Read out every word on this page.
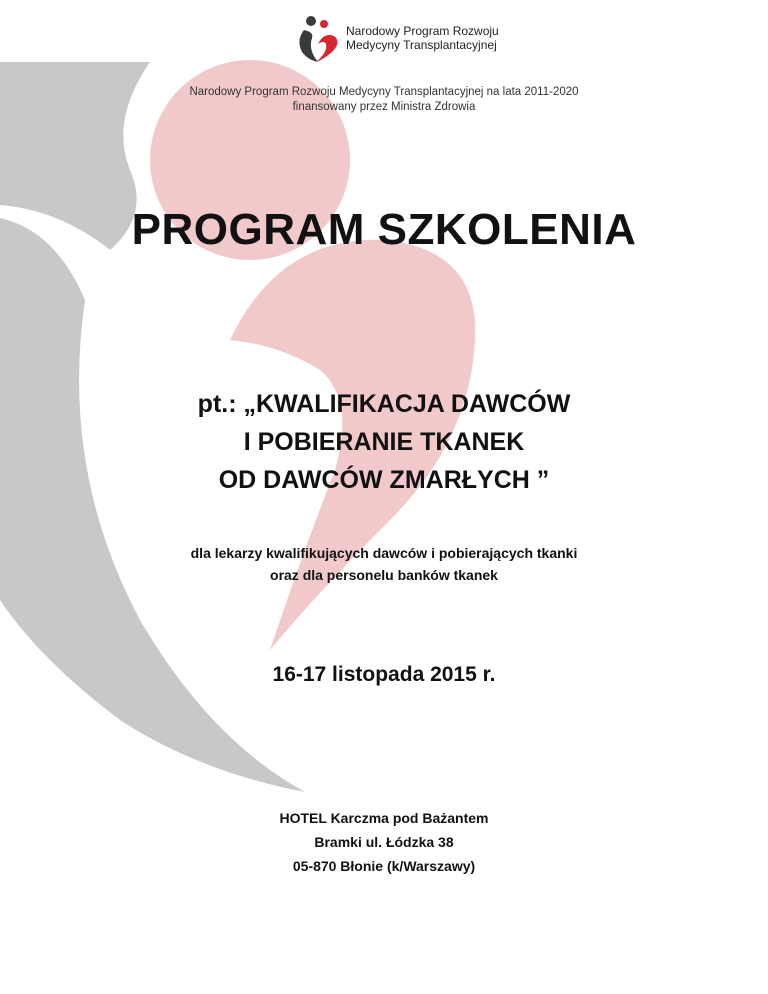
Narodowy Program Rozwoju
Medycyny Transplantacyjnej
Narodowy Program Rozwoju Medycyny Transplantacyjnej na lata 2011-2020
finansowany przez Ministra Zdrowia
PROGRAM SZKOLENIA
pt.: „KWALIFIKACJA DAWCÓW
I POBIERANIE TKANEK
OD DAWCÓW ZMARŁYCH ”
dla lekarzy kwalifikujących dawców i pobierających tkanki
oraz dla personelu banków tkanek
16-17 listopada 2015 r.
HOTEL Karczma pod Bażantem
Bramki ul. Łódzka 38
05-870 Błonie (k/Warszawy)
